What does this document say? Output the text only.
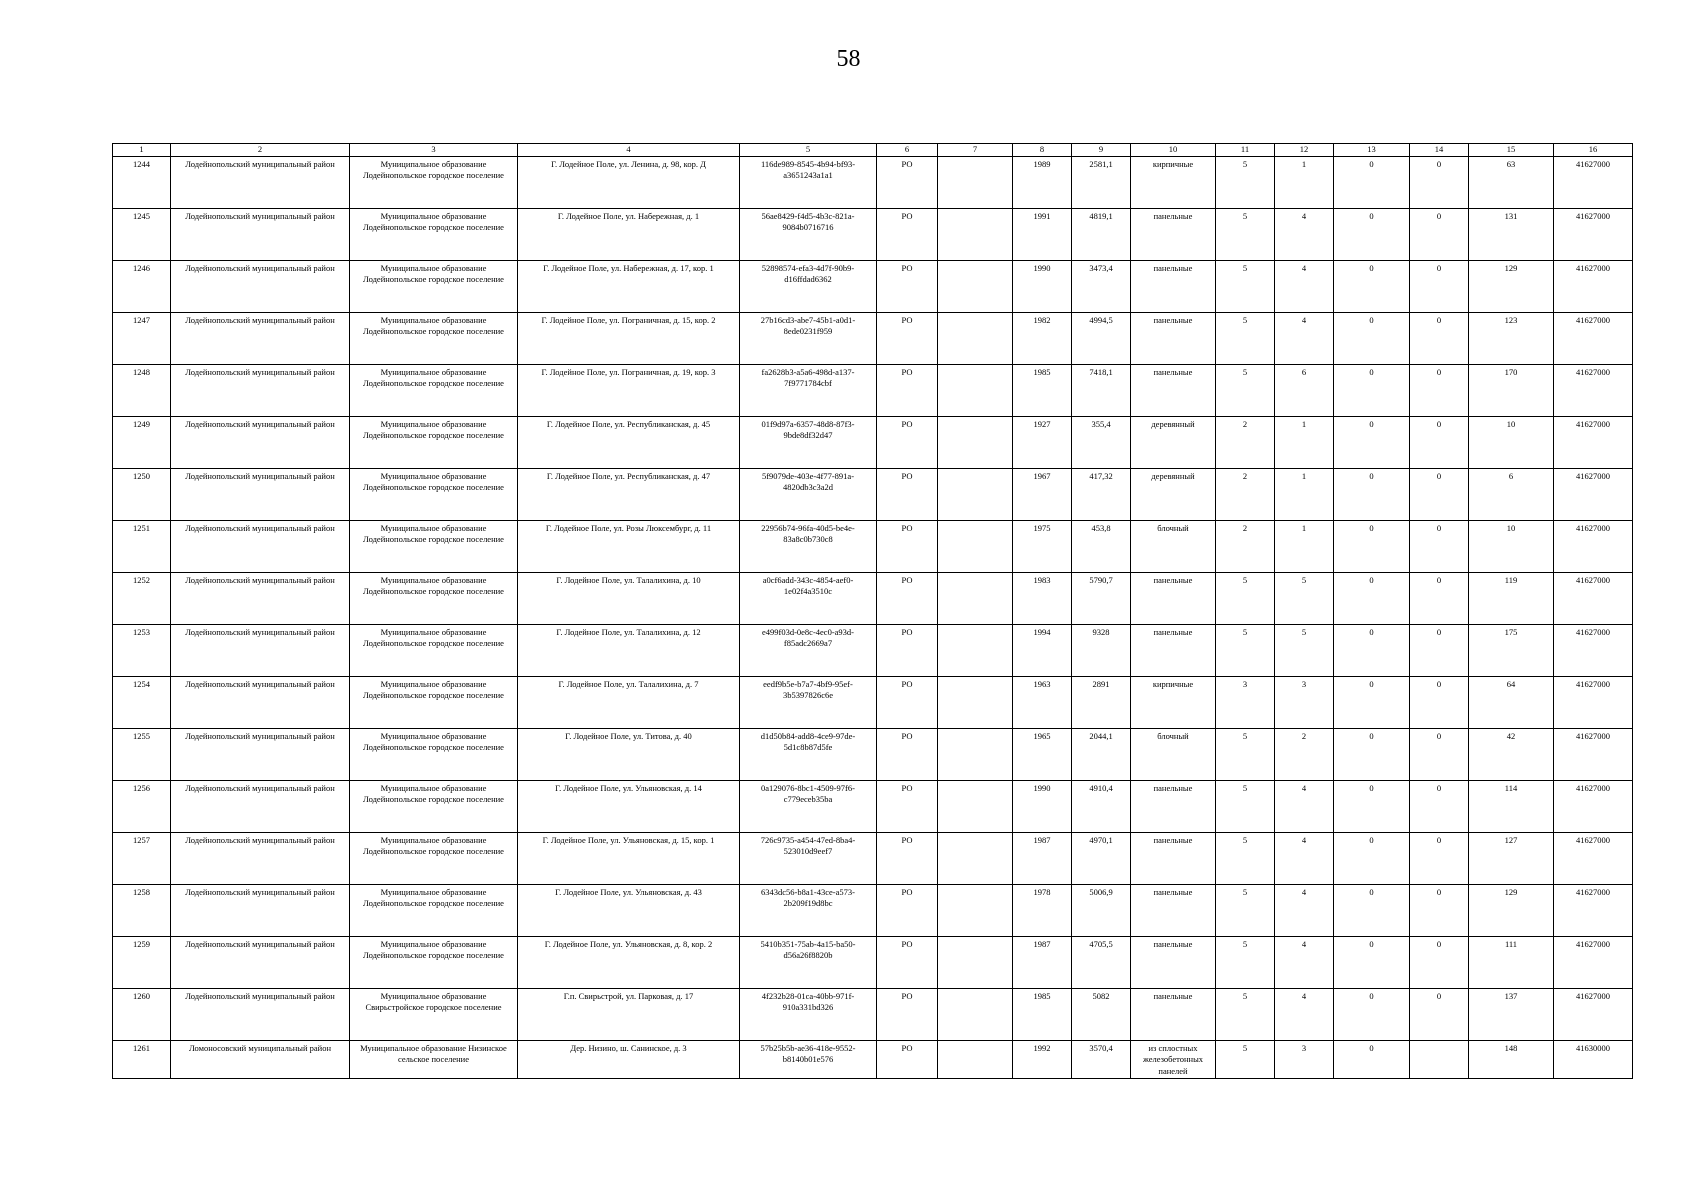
58
1	2	3	4	5	6	7	8	9	10	11	12	13	14	15	16
1244	Лодейнопольский муниципальный район	Муниципальное образование Лодейнопольское городское поселение	Г. Лодейное Поле, ул. Ленина, д. 98, кор. Д	116de989-8545-4b94-bf93-a3651243a1a1	РО		1989	2581,1	кирпичные	5	1	0	0	63	41627000
1245	Лодейнопольский муниципальный район	Муниципальное образование Лодейнопольское городское поселение	Г. Лодейное Поле, ул. Набережная, д. 1	56ae8429-f4d5-4b3c-821a-9084b0716716	РО		1991	4819,1	панельные	5	4	0	0	131	41627000
1246	Лодейнопольский муниципальный район	Муниципальное образование Лодейнопольское городское поселение	Г. Лодейное Поле, ул. Набережная, д. 17, кор. 1	52898574-efa3-4d7f-90b9-d16ffdad6362	РО		1990	3473,4	панельные	5	4	0	0	129	41627000
1247	Лодейнопольский муниципальный район	Муниципальное образование Лодейнопольское городское поселение	Г. Лодейное Поле, ул. Пограничная, д. 15, кор. 2	27b16cd3-abe7-45b1-a0d1-8ede0231f959	РО		1982	4994,5	панельные	5	4	0	0	123	41627000
1248	Лодейнопольский муниципальный район	Муниципальное образование Лодейнопольское городское поселение	Г. Лодейное Поле, ул. Пограничная, д. 19, кор. 3	fa2628b3-a5a6-498d-a137-7f9771784cbf	РО		1985	7418,1	панельные	5	6	0	0	170	41627000
1249	Лодейнопольский муниципальный район	Муниципальное образование Лодейнопольское городское поселение	Г. Лодейное Поле, ул. Республиканская, д. 45	01f9d97a-6357-48d8-87f3-9bde8df32d47	РО		1927	355,4	деревянный	2	1	0	0	10	41627000
1250	Лодейнопольский муниципальный район	Муниципальное образование Лодейнопольское городское поселение	Г. Лодейное Поле, ул. Республиканская, д. 47	5f9079de-403e-4f77-891a-4820db3c3a2d	РО		1967	417,32	деревянный	2	1	0	0	6	41627000
1251	Лодейнопольский муниципальный район	Муниципальное образование Лодейнопольское городское поселение	Г. Лодейное Поле, ул. Розы Люксембург, д. 11	22956b74-96fa-40d5-be4e-83a8c0b730c8	РО		1975	453,8	блочный	2	1	0	0	10	41627000
1252	Лодейнопольский муниципальный район	Муниципальное образование Лодейнопольское городское поселение	Г. Лодейное Поле, ул. Талалихина, д. 10	a0cf6add-343c-4854-aef0-1e02f4a3510c	РО		1983	5790,7	панельные	5	5	0	0	119	41627000
1253	Лодейнопольский муниципальный район	Муниципальное образование Лодейнопольское городское поселение	Г. Лодейное Поле, ул. Талалихина, д. 12	e499f03d-0e8c-4ec0-a93d-f85adc2669a7	РО		1994	9328	панельные	5	5	0	0	175	41627000
1254	Лодейнопольский муниципальный район	Муниципальное образование Лодейнопольское городское поселение	Г. Лодейное Поле, ул. Талалихина, д. 7	eedf9b5e-b7a7-4bf9-95ef-3b5397826c6e	РО		1963	2891	кирпичные	3	3	0	0	64	41627000
1255	Лодейнопольский муниципальный район	Муниципальное образование Лодейнопольское городское поселение	Г. Лодейное Поле, ул. Титова, д. 40	d1d50b84-add8-4ce9-97de-5d1c8b87d5fe	РО		1965	2044,1	блочный	5	2	0	0	42	41627000
1256	Лодейнопольский муниципальный район	Муниципальное образование Лодейнопольское городское поселение	Г. Лодейное Поле, ул. Ульяновская, д. 14	0a129076-8bc1-4509-97f6-c779eceb35ba	РО		1990	4910,4	панельные	5	4	0	0	114	41627000
1257	Лодейнопольский муниципальный район	Муниципальное образование Лодейнопольское городское поселение	Г. Лодейное Поле, ул. Ульяновская, д. 15, кор. 1	726c9735-a454-47ed-8ba4-523010d9eef7	РО		1987	4970,1	панельные	5	4	0	0	127	41627000
1258	Лодейнопольский муниципальный район	Муниципальное образование Лодейнопольское городское поселение	Г. Лодейное Поле, ул. Ульяновская, д. 43	6343dc56-b8a1-43ce-a573-2b209f19d8bc	РО		1978	5006,9	панельные	5	4	0	0	129	41627000
1259	Лодейнопольский муниципальный район	Муниципальное образование Лодейнопольское городское поселение	Г. Лодейное Поле, ул. Ульяновская, д. 8, кор. 2	5410b351-75ab-4a15-ba50-d56a26f8820b	РО		1987	4705,5	панельные	5	4	0	0	111	41627000
1260	Лодейнопольский муниципальный район	Муниципальное образование Свирьстройское городское поселение	Г.п. Свирьстрой, ул. Парковая, д. 17	4f232b28-01ca-40bb-971f-910a331bd326	РО		1985	5082	панельные	5	4	0	0	137	41627000
1261	Ломоносовский муниципальный район	Муниципальное образование Низинское сельское поселение	Дер. Низино, ш. Санинское, д. 3	57b25b5b-ae36-418e-9552-b8140b01e576	РО		1992	3570,4	из сплостных железобетонных панелей	5	3	0		148	41630000
